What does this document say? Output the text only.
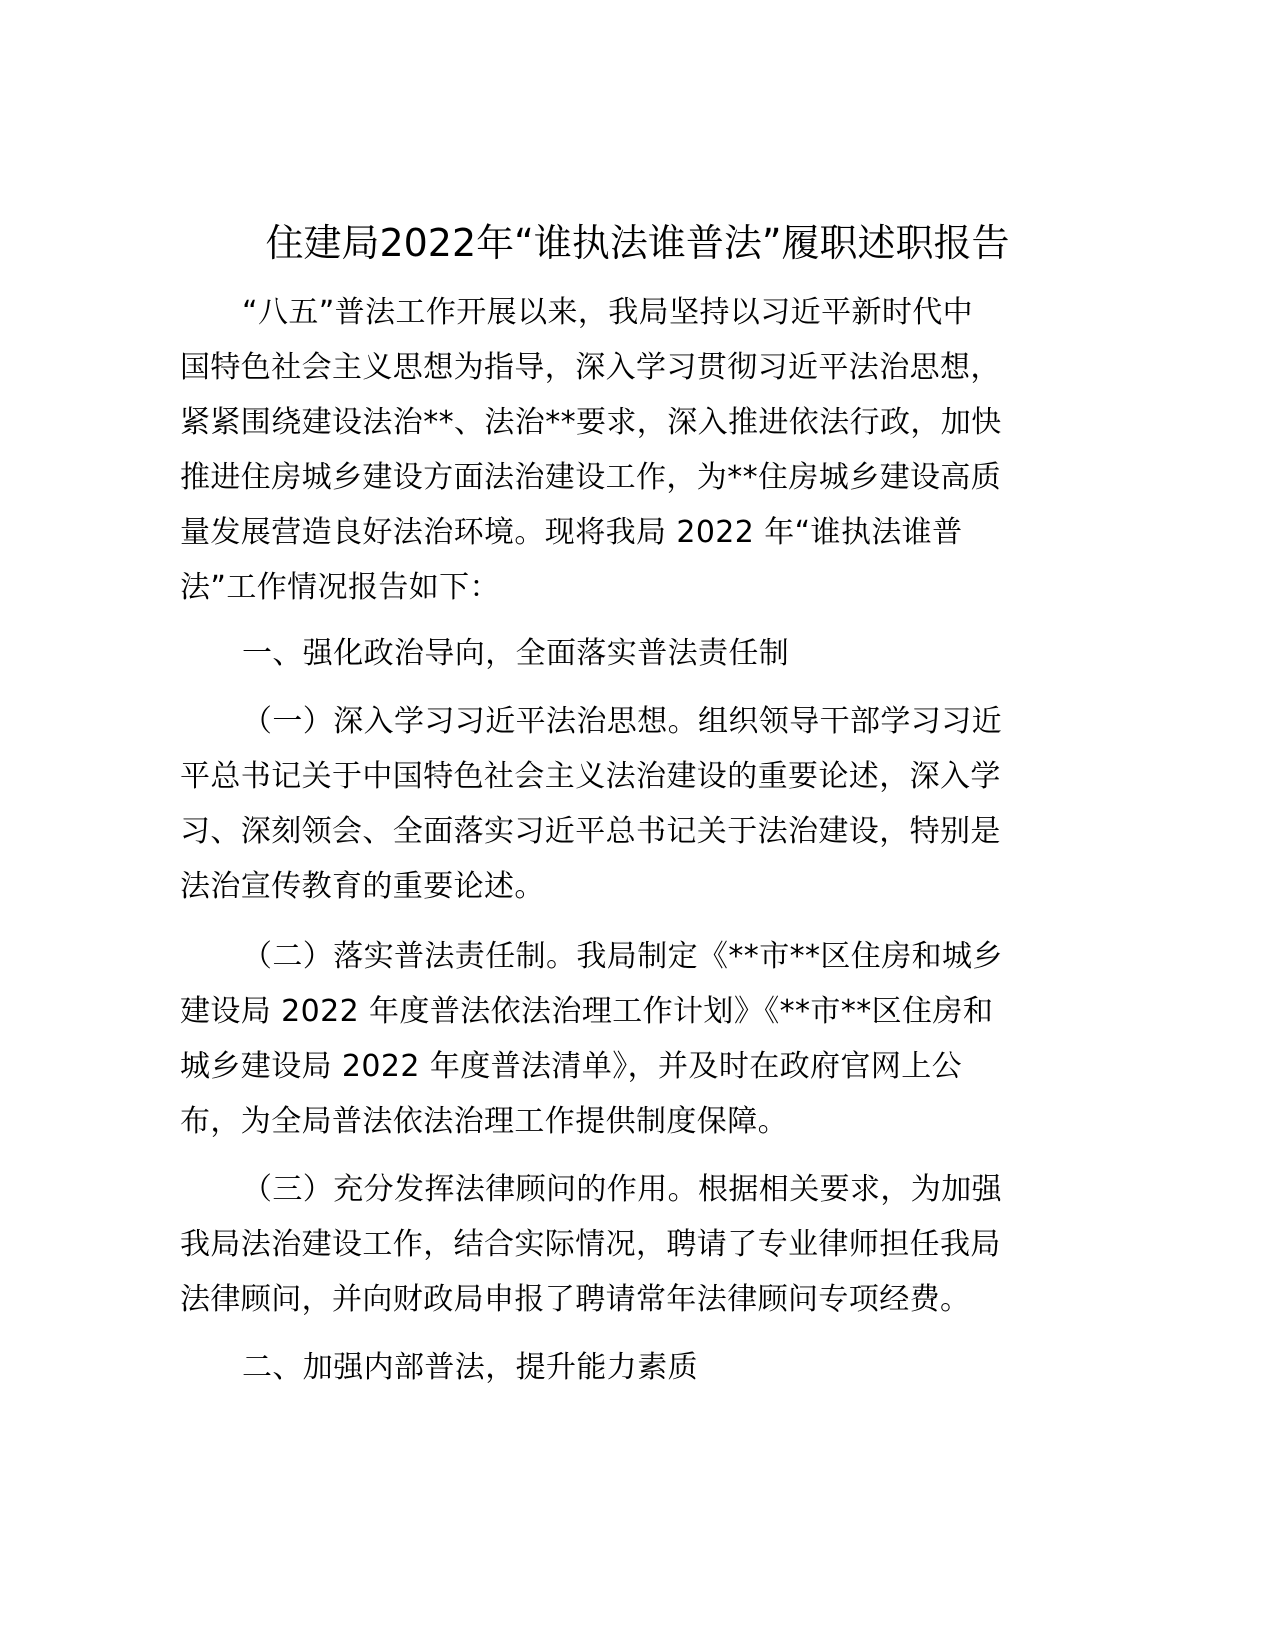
住建局2022年“谁执法谁普法”履职述职报告
“八五”普法工作开展以来，我局坚持以习近平新时代中
国特色社会主义思想为指导，深入学习贯彻习近平法治思想，
紧紧围绕建设法治**、法治**要求，深入推进依法行政，加快
推进住房城乡建设方面法治建设工作，为**住房城乡建设高质
量发展营造良好法治环境。现将我局 2022 年“谁执法谁普
法”工作情况报告如下：
一、强化政治导向，全面落实普法责任制
（一）深入学习习近平法治思想。组织领导干部学习习近
平总书记关于中国特色社会主义法治建设的重要论述，深入学
习、深刻领会、全面落实习近平总书记关于法治建设，特别是
法治宣传教育的重要论述。
（二）落实普法责任制。我局制定《**市**区住房和城乡
建设局 2022 年度普法依法治理工作计划》《**市**区住房和
城乡建设局 2022 年度普法清单》，并及时在政府官网上公
布，为全局普法依法治理工作提供制度保障。
（三）充分发挥法律顾问的作用。根据相关要求，为加强
我局法治建设工作，结合实际情况，聘请了专业律师担任我局
法律顾问，并向财政局申报了聘请常年法律顾问专项经费。
二、加强内部普法，提升能力素质
